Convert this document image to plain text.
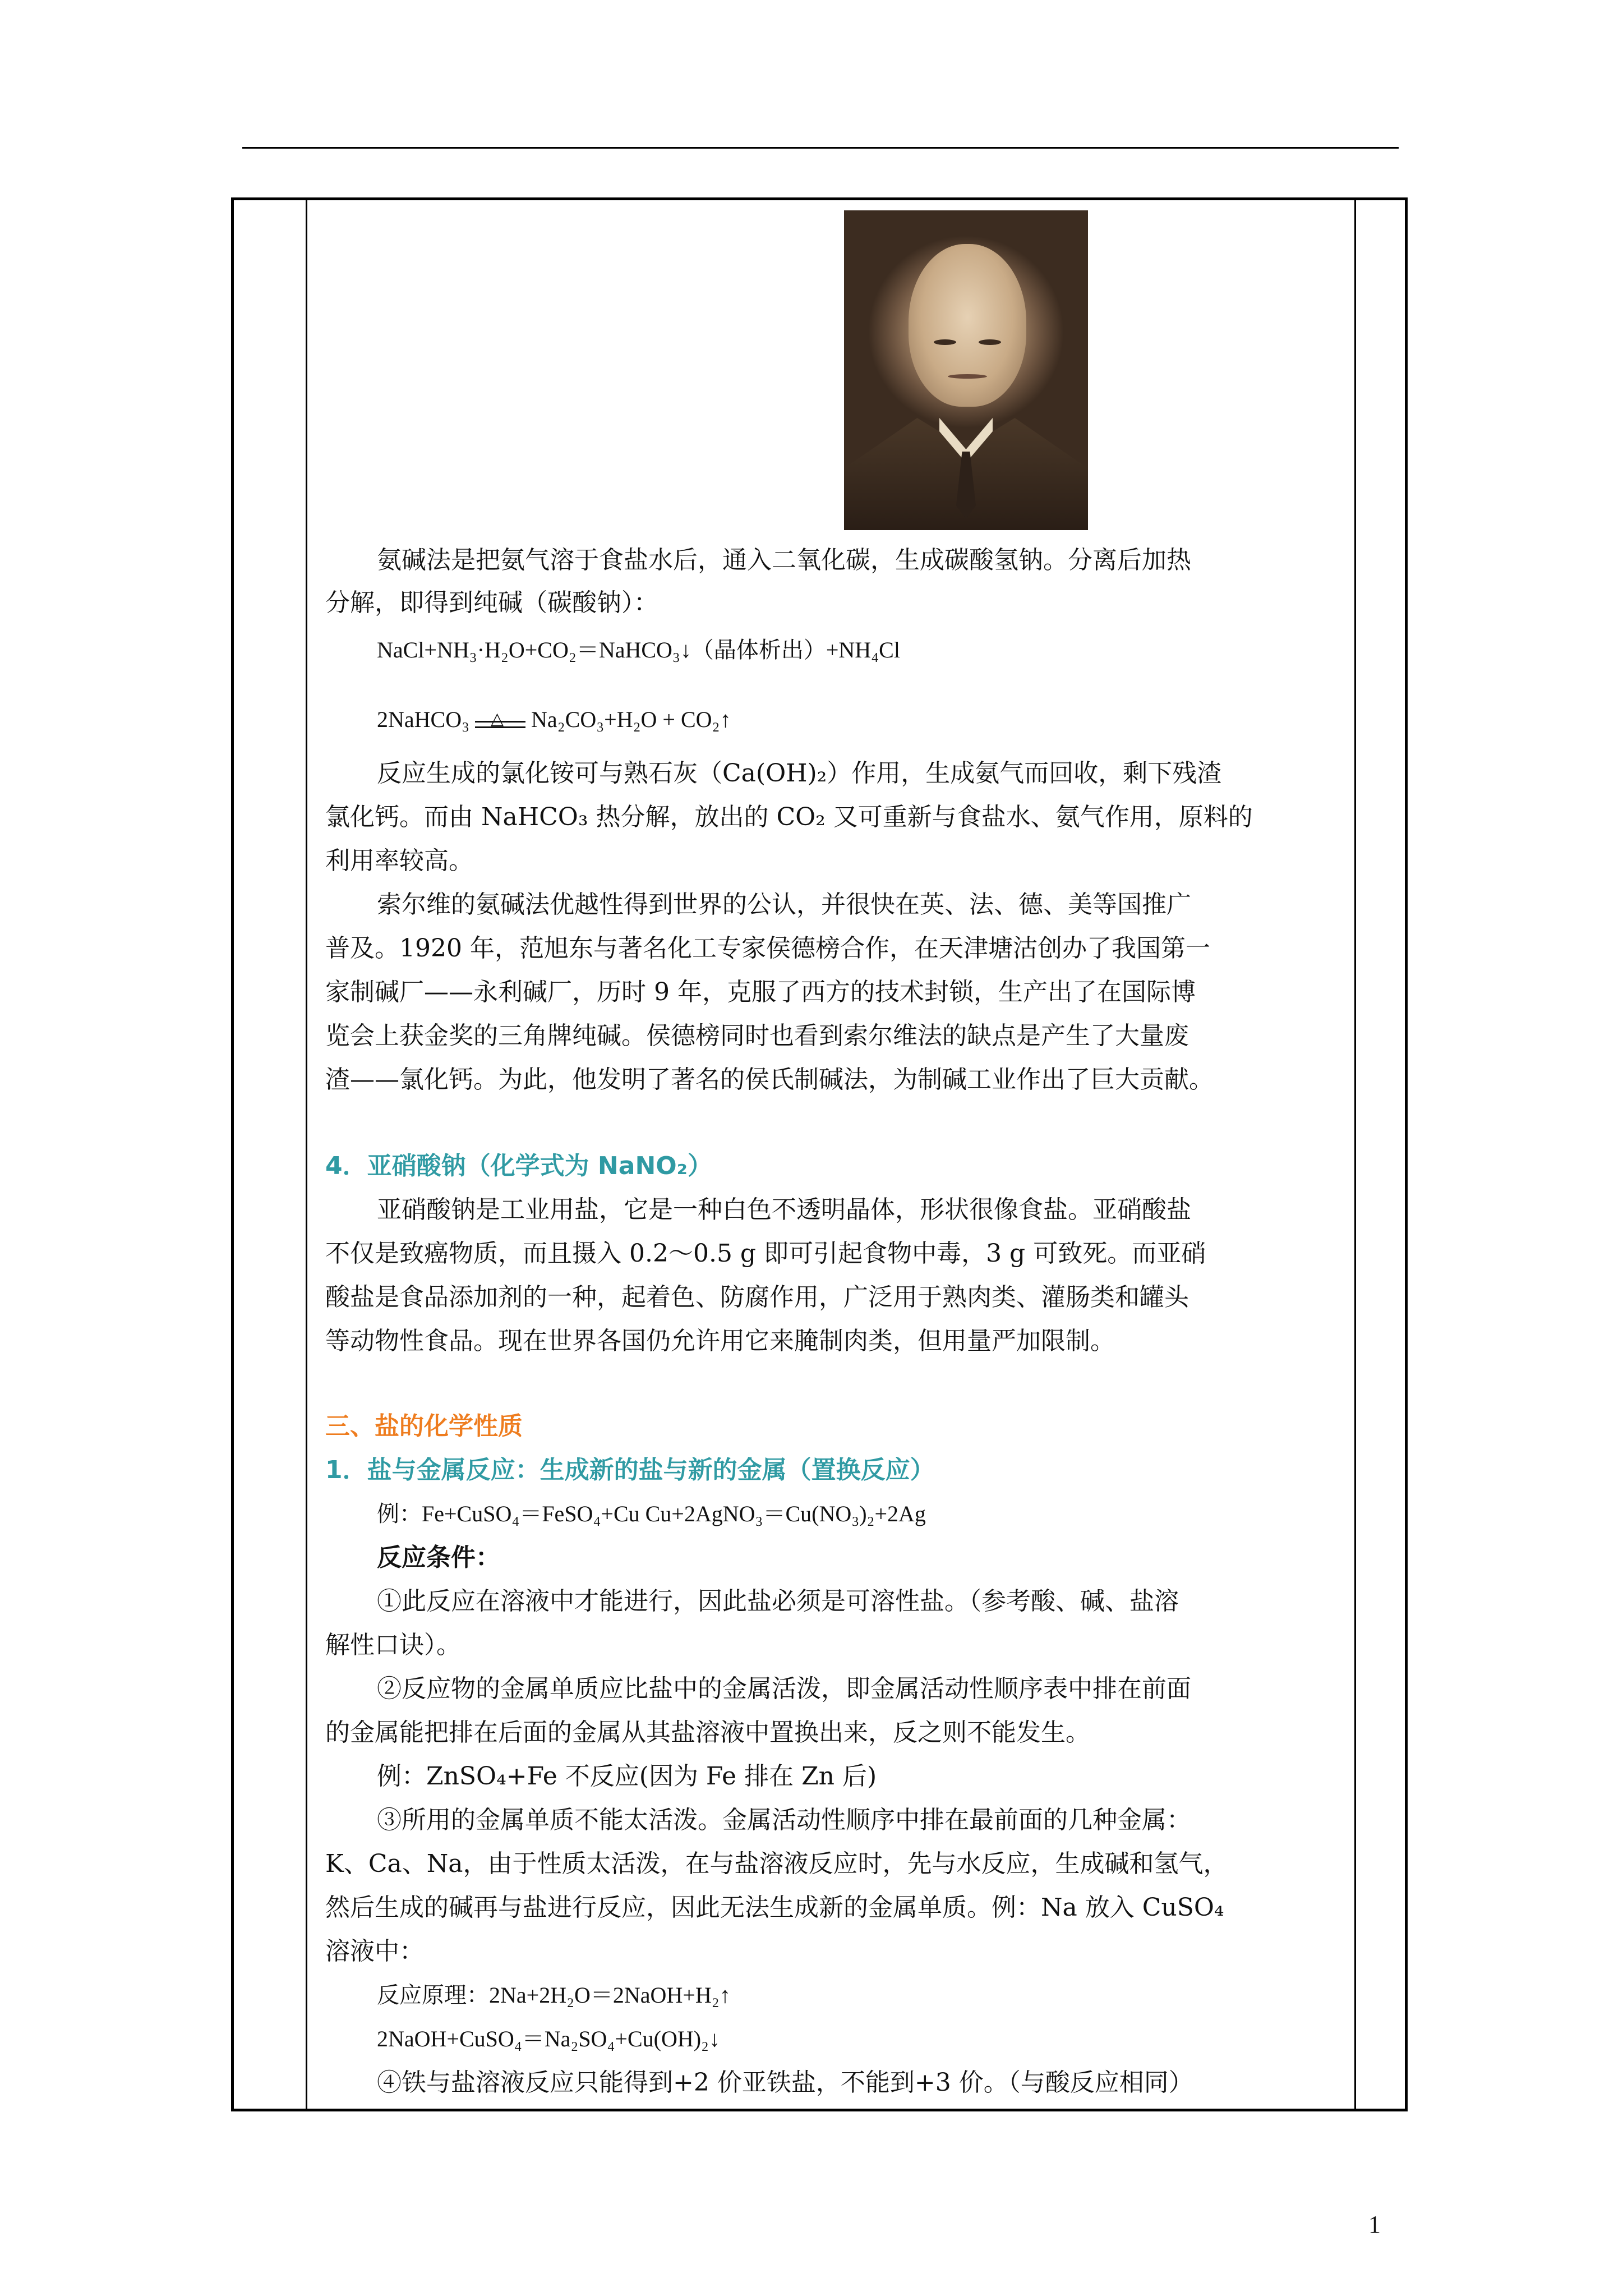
氨碱法是把氨气溶于食盐水后，通入二氧化碳，生成碳酸氢钠。分离后加热
分解，即得到纯碱（碳酸钠）：
NaCl+NH₃·H₂O+CO₂＝NaHCO₃↓（晶体析出）+NH₄Cl
2NaHCO₃ △ Na₂CO₃+H₂O + CO₂↑
反应生成的氯化铵可与熟石灰（Ca(OH)₂）作用，生成氨气而回收，剩下残渣
氯化钙。而由 NaHCO₃ 热分解，放出的 CO₂ 又可重新与食盐水、氨气作用，原料的
利用率较高。
索尔维的氨碱法优越性得到世界的公认，并很快在英、法、德、美等国推广
普及。1920 年，范旭东与著名化工专家侯德榜合作，在天津塘沽创办了我国第一
家制碱厂——永利碱厂，历时 9 年，克服了西方的技术封锁，生产出了在国际博
览会上获金奖的三角牌纯碱。侯德榜同时也看到索尔维法的缺点是产生了大量废
渣——氯化钙。为此，他发明了著名的侯氏制碱法，为制碱工业作出了巨大贡献。
4．亚硝酸钠（化学式为 NaNO₂）
亚硝酸钠是工业用盐，它是一种白色不透明晶体，形状很像食盐。亚硝酸盐
不仅是致癌物质，而且摄入 0.2～0.5 g 即可引起食物中毒，3 g 可致死。而亚硝
酸盐是食品添加剂的一种，起着色、防腐作用，广泛用于熟肉类、灌肠类和罐头
等动物性食品。现在世界各国仍允许用它来腌制肉类，但用量严加限制。
三、盐的化学性质
1．盐与金属反应：生成新的盐与新的金属（置换反应）
例：Fe+CuSO₄＝FeSO₄+Cu Cu+2AgNO₃＝Cu(NO₃)₂+2Ag
反应条件：
①此反应在溶液中才能进行，因此盐必须是可溶性盐。（参考酸、碱、盐溶
解性口诀）。
②反应物的金属单质应比盐中的金属活泼，即金属活动性顺序表中排在前面
的金属能把排在后面的金属从其盐溶液中置换出来，反之则不能发生。
例：ZnSO₄+Fe 不反应(因为 Fe 排在 Zn 后)
③所用的金属单质不能太活泼。金属活动性顺序中排在最前面的几种金属：
K、Ca、Na，由于性质太活泼，在与盐溶液反应时，先与水反应，生成碱和氢气，
然后生成的碱再与盐进行反应，因此无法生成新的金属单质。例：Na 放入 CuSO₄
溶液中：
反应原理：2Na+2H₂O＝2NaOH+H₂↑
2NaOH+CuSO₄＝Na₂SO₄+Cu(OH)₂↓
④铁与盐溶液反应只能得到+2 价亚铁盐，不能到+3 价。（与酸反应相同）
1
